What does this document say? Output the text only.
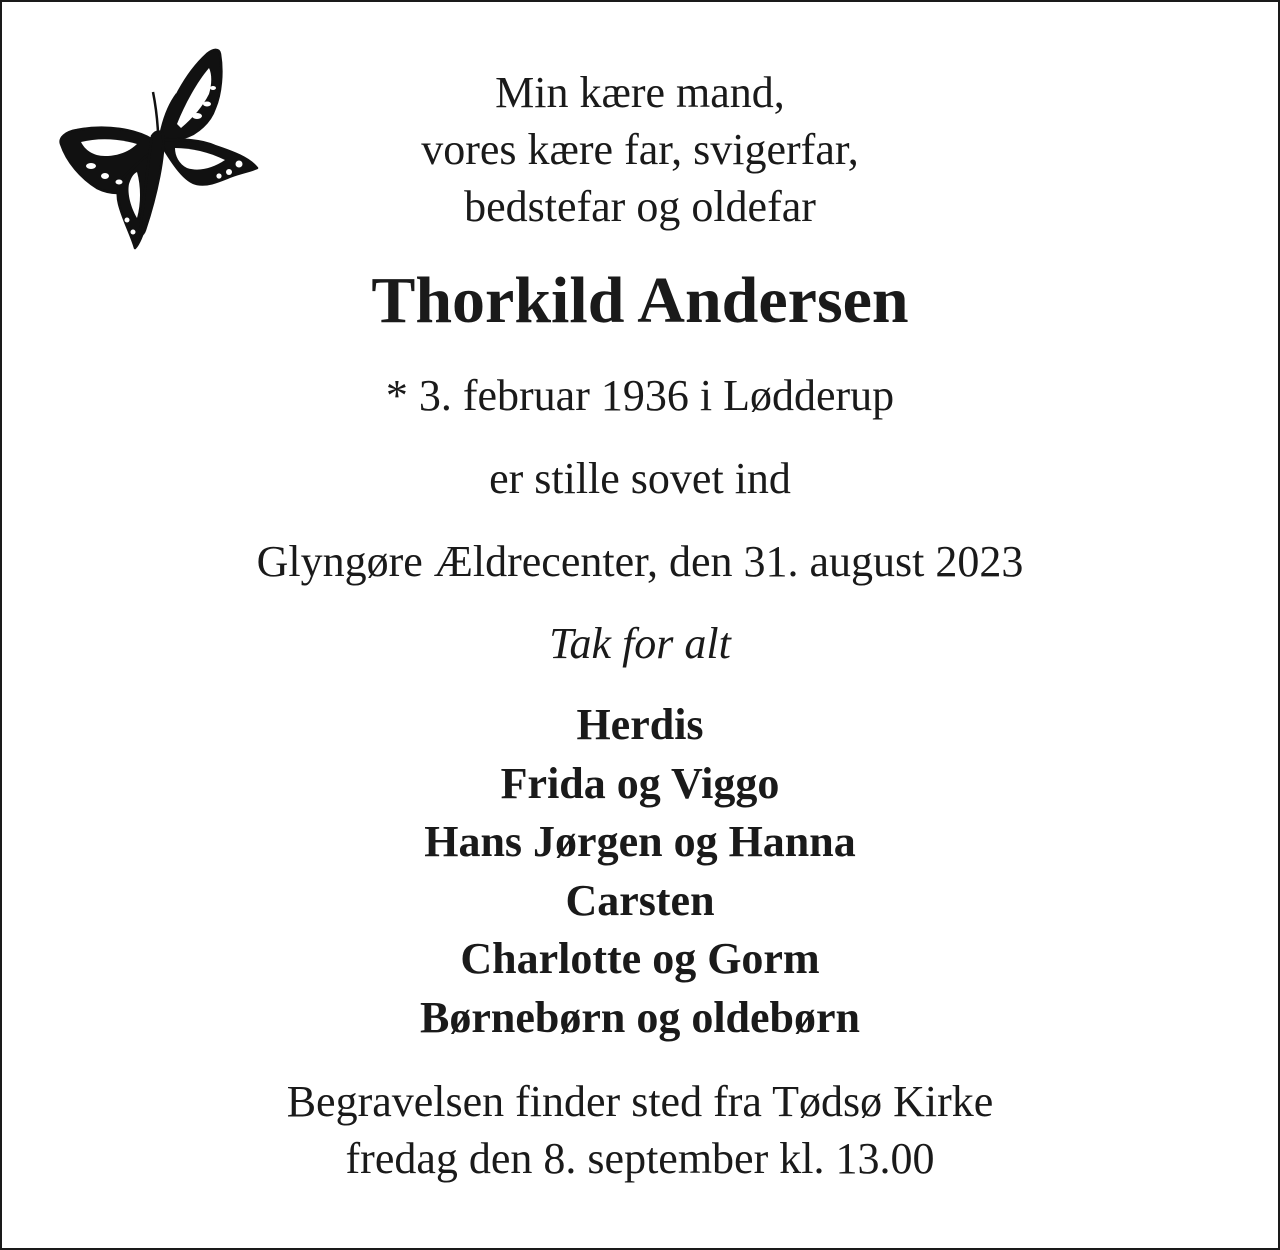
Min kære mand,
vores kære far, svigerfar,
bedstefar og oldefar
Thorkild Andersen
* 3. februar 1936 i Lødderup
er stille sovet ind
Glyngøre Ældrecenter, den 31. august 2023
Tak for alt
Herdis
Frida og Viggo
Hans Jørgen og Hanna
Carsten
Charlotte og Gorm
Børnebørn og oldebørn
Begravelsen finder sted fra Tødsø Kirke
fredag den 8. september kl. 13.00
